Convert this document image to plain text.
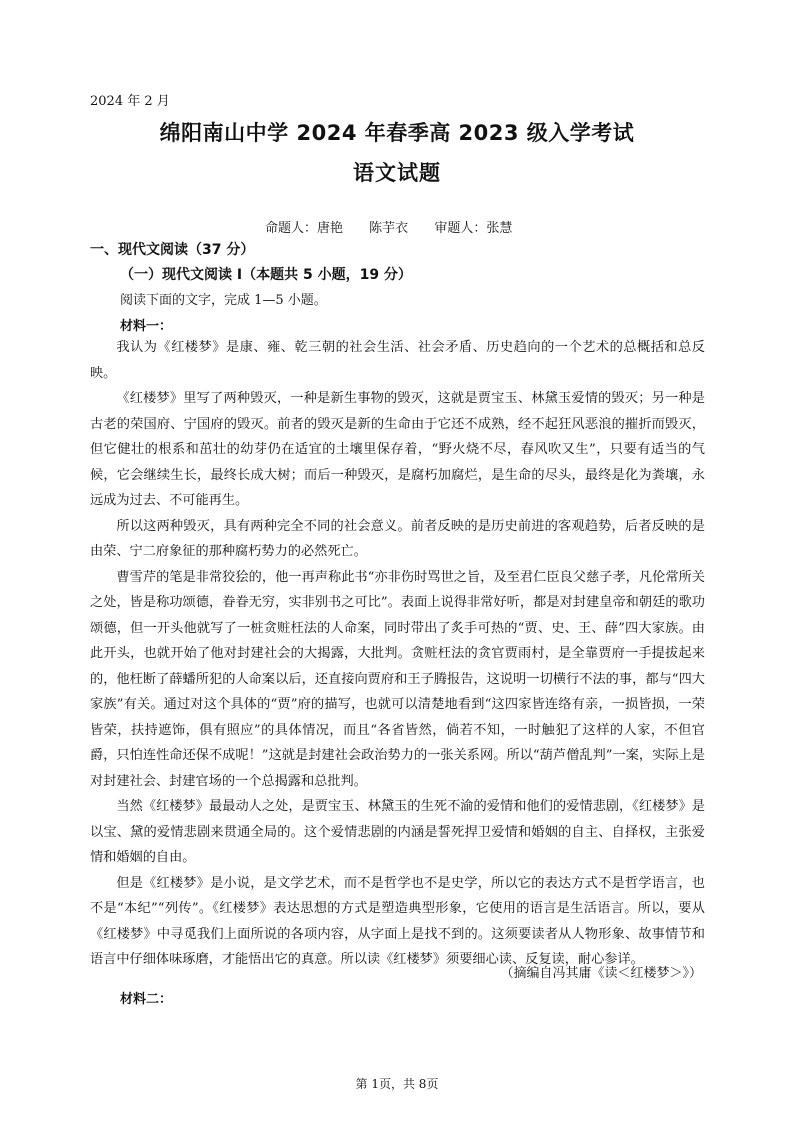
2024 年 2 月
绵阳南山中学 2024 年春季高 2023 级入学考试
语文试题
命题人：唐艳 陈芋衣 审题人：张慧
一、现代文阅读（37 分）
（一）现代文阅读 I（本题共 5 小题，19 分）
阅读下面的文字，完成 1—5 小题。
材料一：

我认为《红楼梦》是康、雍、乾三朝的社会生活、社会矛盾、历史趋向的一个艺术的总概括和总反映。

《红楼梦》里写了两种毁灭，一种是新生事物的毁灭，这就是贾宝玉、林黛玉爱情的毁灭；另一种是古老的荣国府、宁国府的毁灭。前者的毁灭是新的生命由于它还不成熟，经不起狂风恶浪的摧折而毁灭，但它健壮的根系和茁壮的幼芽仍在适宜的土壤里保存着，“野火烧不尽，春风吹又生”，只要有适当的气候，它会继续生长，最终长成大树；而后一种毁灭，是腐朽加腐烂，是生命的尽头，最终是化为粪壤，永远成为过去、不可能再生。

所以这两种毁灭，具有两种完全不同的社会意义。前者反映的是历史前进的客观趋势，后者反映的是由荣、宁二府象征的那种腐朽势力的必然死亡。

曹雪芹的笔是非常狡狯的，他一再声称此书“亦非伤时骂世之旨，及至君仁臣良父慈子孝，凡伦常所关之处，皆是称功颂德，眷眷无穷，实非别书之可比”。表面上说得非常好听，都是对封建皇帝和朝廷的歌功颂德，但一开头他就写了一桩贪赃枉法的人命案，同时带出了炙手可热的“贾、史、王、薛”四大家族。由此开头，也就开始了他对封建社会的大揭露，大批判。贪赃枉法的贪官贾雨村，是全靠贾府一手提拔起来的，他枉断了薛蟠所犯的人命案以后，还直接向贾府和王子腾报告，这说明一切横行不法的事，都与“四大家族”有关。通过对这个具体的“贾”府的描写，也就可以清楚地看到“这四家皆连络有亲，一损皆损，一荣皆荣，扶持遮饰，俱有照应”的具体情况，而且“各省皆然，倘若不知，一时触犯了这样的人家，不但官爵，只怕连性命还保不成呢！”这就是封建社会政治势力的一张关系网。所以“葫芦僧乱判”一案，实际上是对封建社会、封建官场的一个总揭露和总批判。

当然《红楼梦》最最动人之处，是贾宝玉、林黛玉的生死不渝的爱情和他们的爱情悲剧，《红楼梦》是以宝、黛的爱情悲剧来贯通全局的。这个爱情悲剧的内涵是誓死捍卫爱情和婚姻的自主、自择权，主张爱情和婚姻的自由。

但是《红楼梦》是小说，是文学艺术，而不是哲学也不是史学，所以它的表达方式不是哲学语言，也不是“本纪”“列传”。《红楼梦》表达思想的方式是塑造典型形象，它使用的语言是生活语言。所以，要从《红楼梦》中寻觅我们上面所说的各项内容，从字面上是找不到的。这须要读者从人物形象、故事情节和语言中仔细体味琢磨，才能悟出它的真意。所以读《红楼梦》须要细心读、反复读，耐心参详。

（摘编自冯其庸《读＜红楼梦＞》）
材料二：
第 1页，共 8页
